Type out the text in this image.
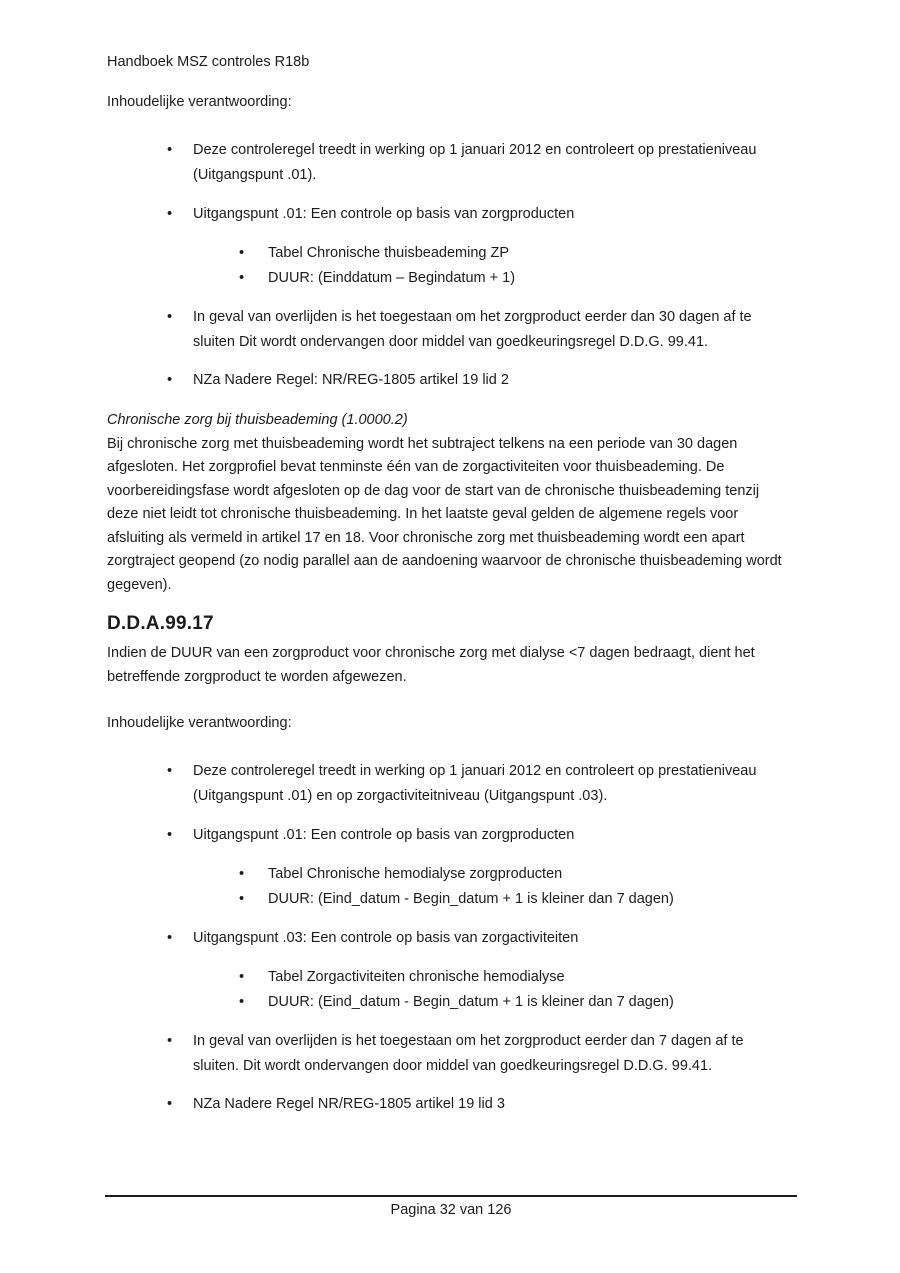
Handboek MSZ controles R18b
Inhoudelijke verantwoording:
• Deze controleregel treedt in werking op 1 januari 2012 en controleert op prestatieniveau (Uitgangspunt .01).
• Uitgangspunt .01: Een controle op basis van zorgproducten
• Tabel Chronische thuisbeademing ZP
• DUUR: (Einddatum – Begindatum + 1)
• In geval van overlijden is het toegestaan om het zorgproduct eerder dan 30 dagen af te sluiten Dit wordt ondervangen door middel van goedkeuringsregel D.D.G. 99.41.
• NZa Nadere Regel: NR/REG-1805 artikel 19 lid 2
Chronische zorg bij thuisbeademing (1.0000.2)
Bij chronische zorg met thuisbeademing wordt het subtraject telkens na een periode van 30 dagen afgesloten. Het zorgprofiel bevat tenminste één van de zorgactiviteiten voor thuisbeademing. De voorbereidingsfase wordt afgesloten op de dag voor de start van de chronische thuisbeademing tenzij deze niet leidt tot chronische thuisbeademing. In het laatste geval gelden de algemene regels voor afsluiting als vermeld in artikel 17 en 18. Voor chronische zorg met thuisbeademing wordt een apart zorgtraject geopend (zo nodig parallel aan de aandoening waarvoor de chronische thuisbeademing wordt gegeven).
D.D.A.99.17
Indien de DUUR van een zorgproduct voor chronische zorg met dialyse <7 dagen bedraagt, dient het betreffende zorgproduct te worden afgewezen.
Inhoudelijke verantwoording:
• Deze controleregel treedt in werking op 1 januari 2012 en controleert op prestatieniveau (Uitgangspunt .01) en op zorgactiviteitniveau (Uitgangspunt .03).
• Uitgangspunt .01: Een controle op basis van zorgproducten
• Tabel Chronische hemodialyse zorgproducten
• DUUR: (Eind_datum - Begin_datum + 1 is kleiner dan 7 dagen)
• Uitgangspunt .03: Een controle op basis van zorgactiviteiten
• Tabel Zorgactiviteiten chronische hemodialyse
• DUUR: (Eind_datum - Begin_datum + 1 is kleiner dan 7 dagen)
• In geval van overlijden is het toegestaan om het zorgproduct eerder dan 7 dagen af te sluiten. Dit wordt ondervangen door middel van goedkeuringsregel D.D.G. 99.41.
• NZa Nadere Regel NR/REG-1805 artikel 19 lid 3
Pagina 32 van 126
